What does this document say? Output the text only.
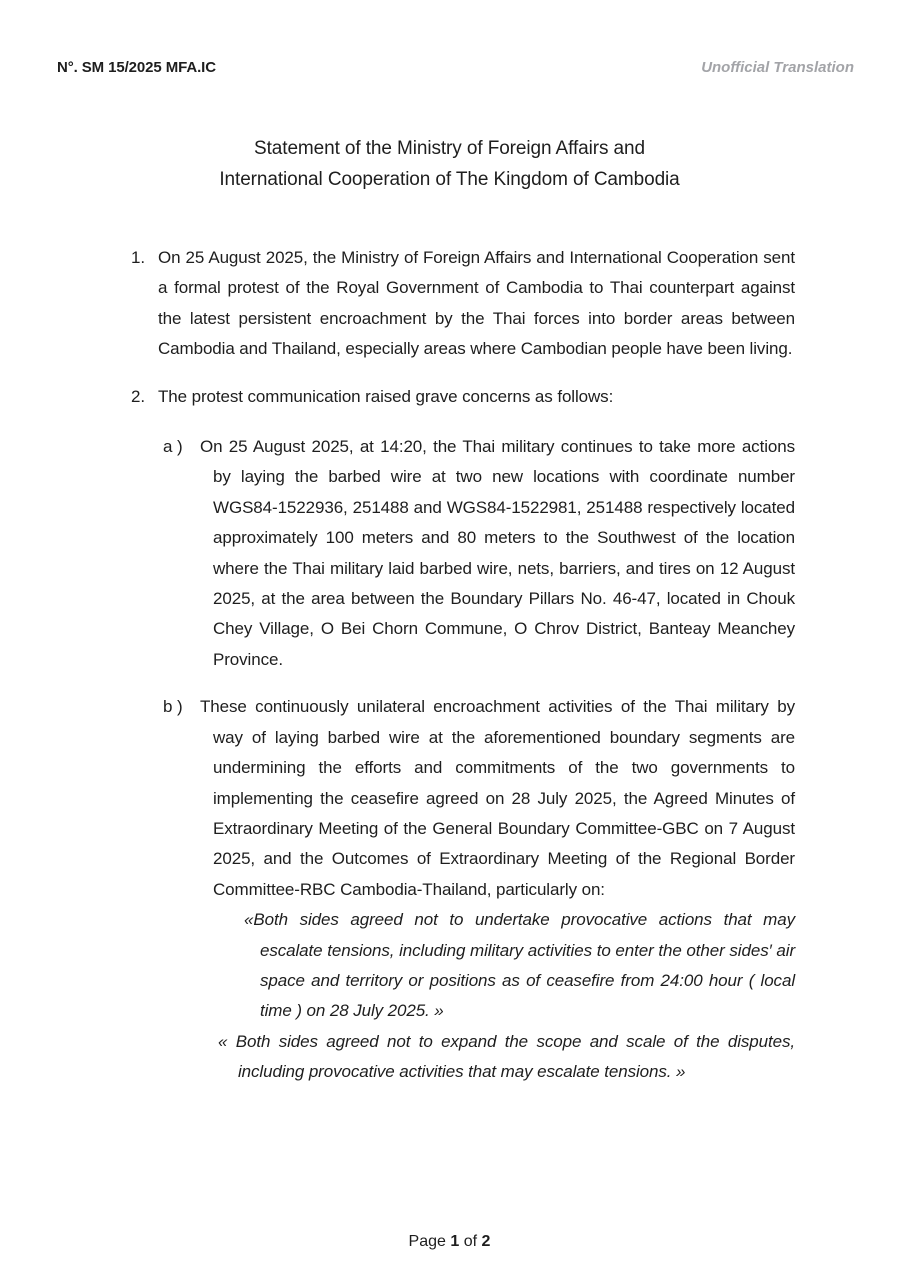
N°. SM 15/2025 MFA.IC	Unofficial Translation
Statement of the Ministry of Foreign Affairs and
International Cooperation of The Kingdom of Cambodia
1. On 25 August 2025, the Ministry of Foreign Affairs and International Cooperation sent a formal protest of the Royal Government of Cambodia to Thai counterpart against the latest persistent encroachment by the Thai forces into border areas between Cambodia and Thailand, especially areas where Cambodian people have been living.
2. The protest communication raised grave concerns as follows:
a ) On 25 August 2025, at 14:20, the Thai military continues to take more actions by laying the barbed wire at two new locations with coordinate number WGS84-1522936, 251488 and WGS84-1522981, 251488 respectively located approximately 100 meters and 80 meters to the Southwest of the location where the Thai military laid barbed wire, nets, barriers, and tires on 12 August 2025, at the area between the Boundary Pillars No. 46-47, located in Chouk Chey Village, O Bei Chorn Commune, O Chrov District, Banteay Meanchey Province.
b ) These continuously unilateral encroachment activities of the Thai military by way of laying barbed wire at the aforementioned boundary segments are undermining the efforts and commitments of the two governments to implementing the ceasefire agreed on 28 July 2025, the Agreed Minutes of Extraordinary Meeting of the General Boundary Committee-GBC on 7 August 2025, and the Outcomes of Extraordinary Meeting of the Regional Border Committee-RBC Cambodia-Thailand, particularly on:
«Both sides agreed not to undertake provocative actions that may escalate tensions, including military activities to enter the other sides′ air space and territory or positions as of ceasefire from 24:00 hour ( local time ) on 28 July 2025. »
« Both sides agreed not to expand the scope and scale of the disputes, including provocative activities that may escalate tensions. »
Page 1 of 2
